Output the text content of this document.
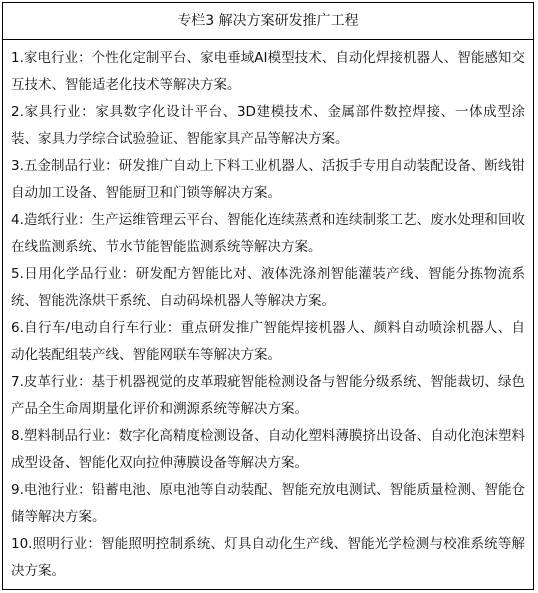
专栏3 解决方案研发推广工程

1.家电行业：个性化定制平台、家电垂域AI模型技术、自动化焊接机器人、智能感知交互技术、智能适老化技术等解决方案。

2.家具行业：家具数字化设计平台、3D建模技术、金属部件数控焊接、一体成型涂装、家具力学综合试验验证、智能家具产品等解决方案。

3.五金制品行业：研发推广自动上下料工业机器人、活扳手专用自动装配设备、断线钳自动加工设备、智能厨卫和门锁等解决方案。

4.造纸行业：生产运维管理云平台、智能化连续蒸煮和连续制浆工艺、废水处理和回收在线监测系统、节水节能智能监测系统等解决方案。

5.日用化学品行业：研发配方智能比对、液体洗涤剂智能灌装产线、智能分拣物流系统、智能洗涤烘干系统、自动码垛机器人等解决方案。

6.自行车/电动自行车行业：重点研发推广智能焊接机器人、颜料自动喷涂机器人、自动化装配组装产线、智能网联车等解决方案。

7.皮革行业：基于机器视觉的皮革瑕疵智能检测设备与智能分级系统、智能裁切、绿色产品全生命周期量化评价和溯源系统等解决方案。

8.塑料制品行业：数字化高精度检测设备、自动化塑料薄膜挤出设备、自动化泡沫塑料成型设备、智能化双向拉伸薄膜设备等解决方案。

9.电池行业：铅蓄电池、原电池等自动装配、智能充放电测试、智能质量检测、智能仓储等解决方案。

10.照明行业：智能照明控制系统、灯具自动化生产线、智能光学检测与校准系统等解决方案。
